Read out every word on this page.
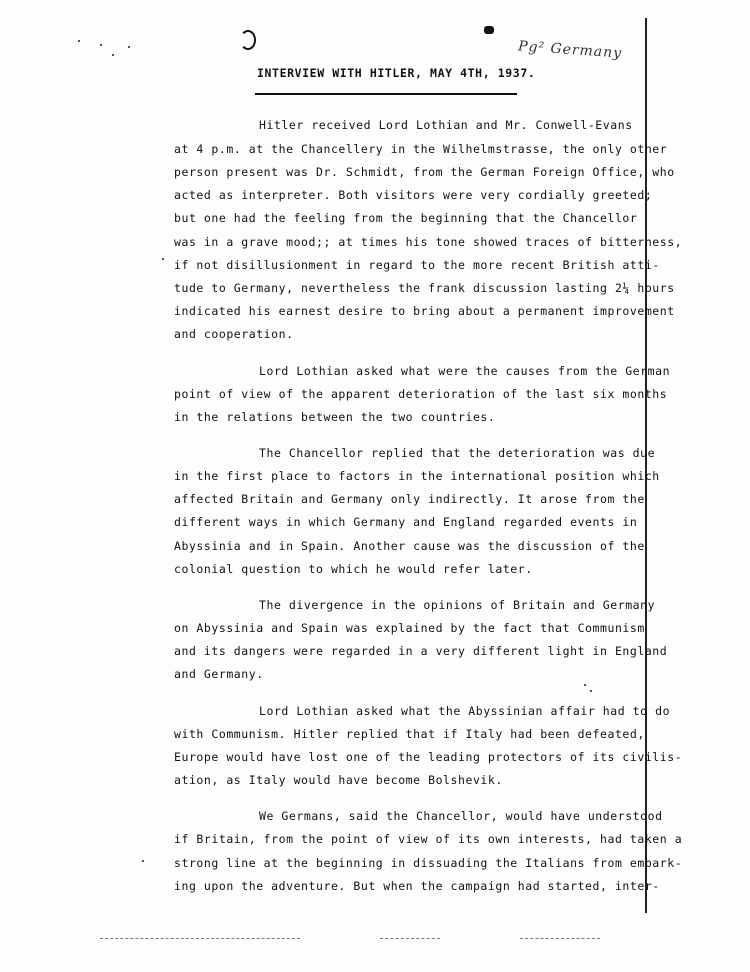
Pg² Germany
INTERVIEW WITH HITLER, MAY 4TH, 1937.
Hitler received Lord Lothian and Mr. Conwell-Evans
at 4 p.m. at the Chancellery in the Wilhelmstrasse, the only other
person present was Dr. Schmidt, from the German Foreign Office, who
acted as interpreter. Both visitors were very cordially greeted;
but one had the feeling from the beginning that the Chancellor
was in a grave mood;; at times his tone showed traces of bitterness,
if not disillusionment in regard to the more recent British atti-
tude to Germany, nevertheless the frank discussion lasting 2¼ hours
indicated his earnest desire to bring about a permanent improvement
and cooperation.
Lord Lothian asked what were the causes from the German
point of view of the apparent deterioration of the last six months
in the relations between the two countries.
The Chancellor replied that the deterioration was due
in the first place to factors in the international position which
affected Britain and Germany only indirectly. It arose from the
different ways in which Germany and England regarded events in
Abyssinia and in Spain. Another cause was the discussion of the
colonial question to which he would refer later.
The divergence in the opinions of Britain and Germany
on Abyssinia and Spain was explained by the fact that Communism
and its dangers were regarded in a very different light in England
and Germany.
Lord Lothian asked what the Abyssinian affair had to do
with Communism. Hitler replied that if Italy had been defeated,
Europe would have lost one of the leading protectors of its civilis-
ation, as Italy would have become Bolshevik.
We Germans, said the Chancellor, would have understood
if Britain, from the point of view of its own interests, had taken a
strong line at the beginning in dissuading the Italians from embark-
ing upon the adventure. But when the campaign had started, inter-
